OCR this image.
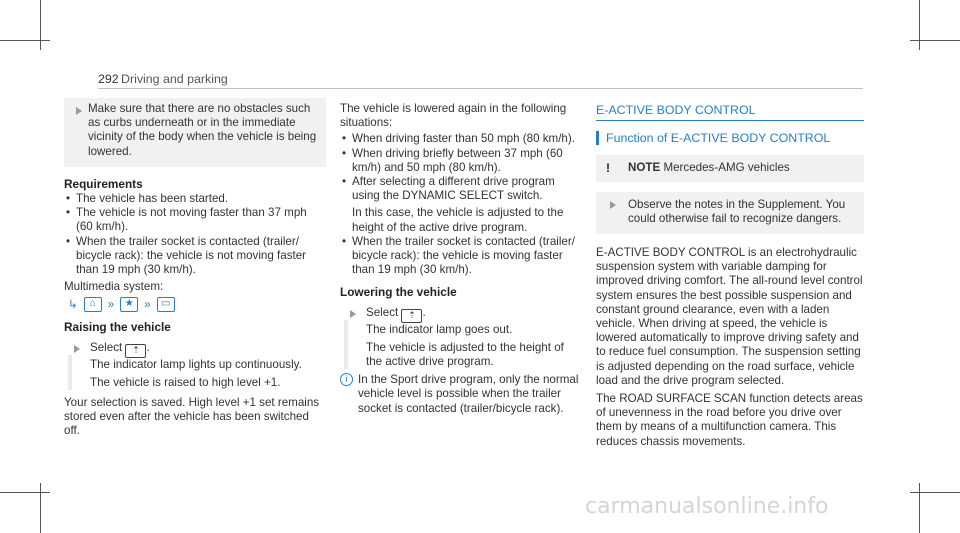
292 Driving and parking

Make sure that there are no obstacles such as curbs underneath or in the immediate vicinity of the body when the vehicle is being lowered.

Requirements
• The vehicle has been started.
• The vehicle is not moving faster than 37 mph (60 km/h).
• When the trailer socket is contacted (trailer/ bicycle rack): the vehicle is not moving faster than 19 mph (30 km/h).

Multimedia system:

↳	⌂	»	★ »	▭
Raising the vehicle

Select ⇡ .

The indicator lamp lights up continuously.

The vehicle is raised to high level +1.

Your selection is saved. High level +1 set remains stored even after the vehicle has been switched off.

The vehicle is lowered again in the following situations:

• When driving faster than 50 mph (80 km/h).
• When driving briefly between 37 mph (60 km/h) and 50 mph (80 km/h).
• After selecting a different drive program using the DYNAMIC SELECT switch.

In this case, the vehicle is adjusted to the height of the active drive program.

• When the trailer socket is contacted (trailer/ bicycle rack): the vehicle is moving faster than 19 mph (30 km/h).
Lowering the vehicle

Select ⇡ .

The indicator lamp goes out.

The vehicle is adjusted to the height of the active drive program.

i In the Sport drive program, only the normal vehicle level is possible when the trailer socket is contacted (trailer/bicycle rack).

E-ACTIVE BODY CONTROL
Function of E-ACTIVE BODY CONTROL
! NOTE Mercedes-AMG vehicles

Observe the notes in the Supplement. You could otherwise fail to recognize dangers.

E-ACTIVE BODY CONTROL is an electrohydraulic suspension system with variable damping for improved driving comfort. The all-round level control system ensures the best possible suspension and constant ground clearance, even with a laden vehicle. When driving at speed, the vehicle is lowered automatically to improve driving safety and to reduce fuel consumption. The suspension setting is adjusted depending on the road surface, vehicle load and the drive program selected.

The ROAD SURFACE SCAN function detects areas of unevenness in the road before you drive over them by means of a multifunction camera. This reduces chassis movements.

carmanualsonline.info
